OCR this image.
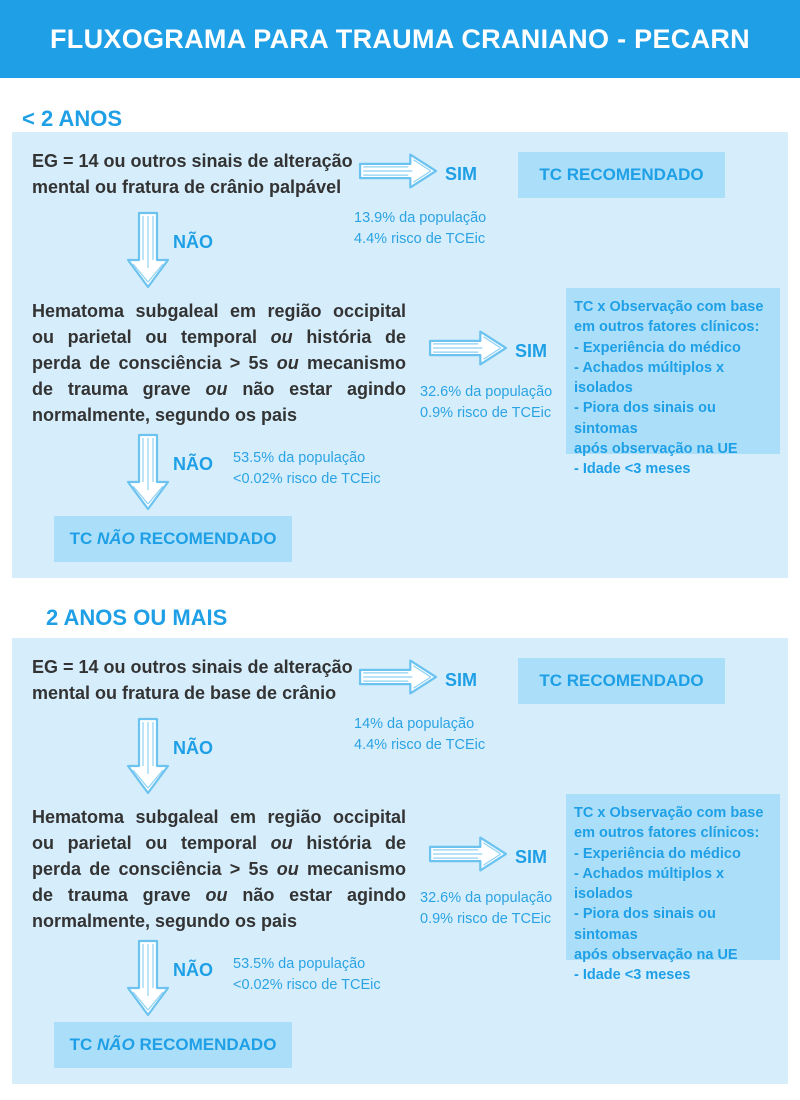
FLUXOGRAMA PARA TRAUMA CRANIANO - PECARN
< 2 ANOS
EG = 14 ou outros sinais de alteração mental ou fratura de crânio palpável
SIM
13.9% da população
4.4% risco de TCEic
TC RECOMENDADO
NÃO
Hematoma subgaleal em região occipital ou parietal ou temporal ou história de perda de consciência > 5s ou mecanismo de trauma grave ou não estar agindo normalmente, segundo os pais
SIM
32.6% da população
0.9% risco de TCEic
TC x Observação com base
em outros fatores clínicos:
- Experiência do médico
- Achados múltiplos x isolados
- Piora dos sinais ou sintomas
após observação na UE
- Idade <3 meses
NÃO 53.5% da população
<0.02% risco de TCEic
TC NÃO RECOMENDADO
2 ANOS OU MAIS
EG = 14 ou outros sinais de alteração mental ou fratura de base de crânio
SIM
14% da população
4.4% risco de TCEic
TC RECOMENDADO
NÃO
Hematoma subgaleal em região occipital ou parietal ou temporal ou história de perda de consciência > 5s ou mecanismo de trauma grave ou não estar agindo normalmente, segundo os pais
SIM
32.6% da população
0.9% risco de TCEic
TC x Observação com base
em outros fatores clínicos:
- Experiência do médico
- Achados múltiplos x isolados
- Piora dos sinais ou sintomas
após observação na UE
- Idade <3 meses
NÃO 53.5% da população
<0.02% risco de TCEic
TC NÃO RECOMENDADO
